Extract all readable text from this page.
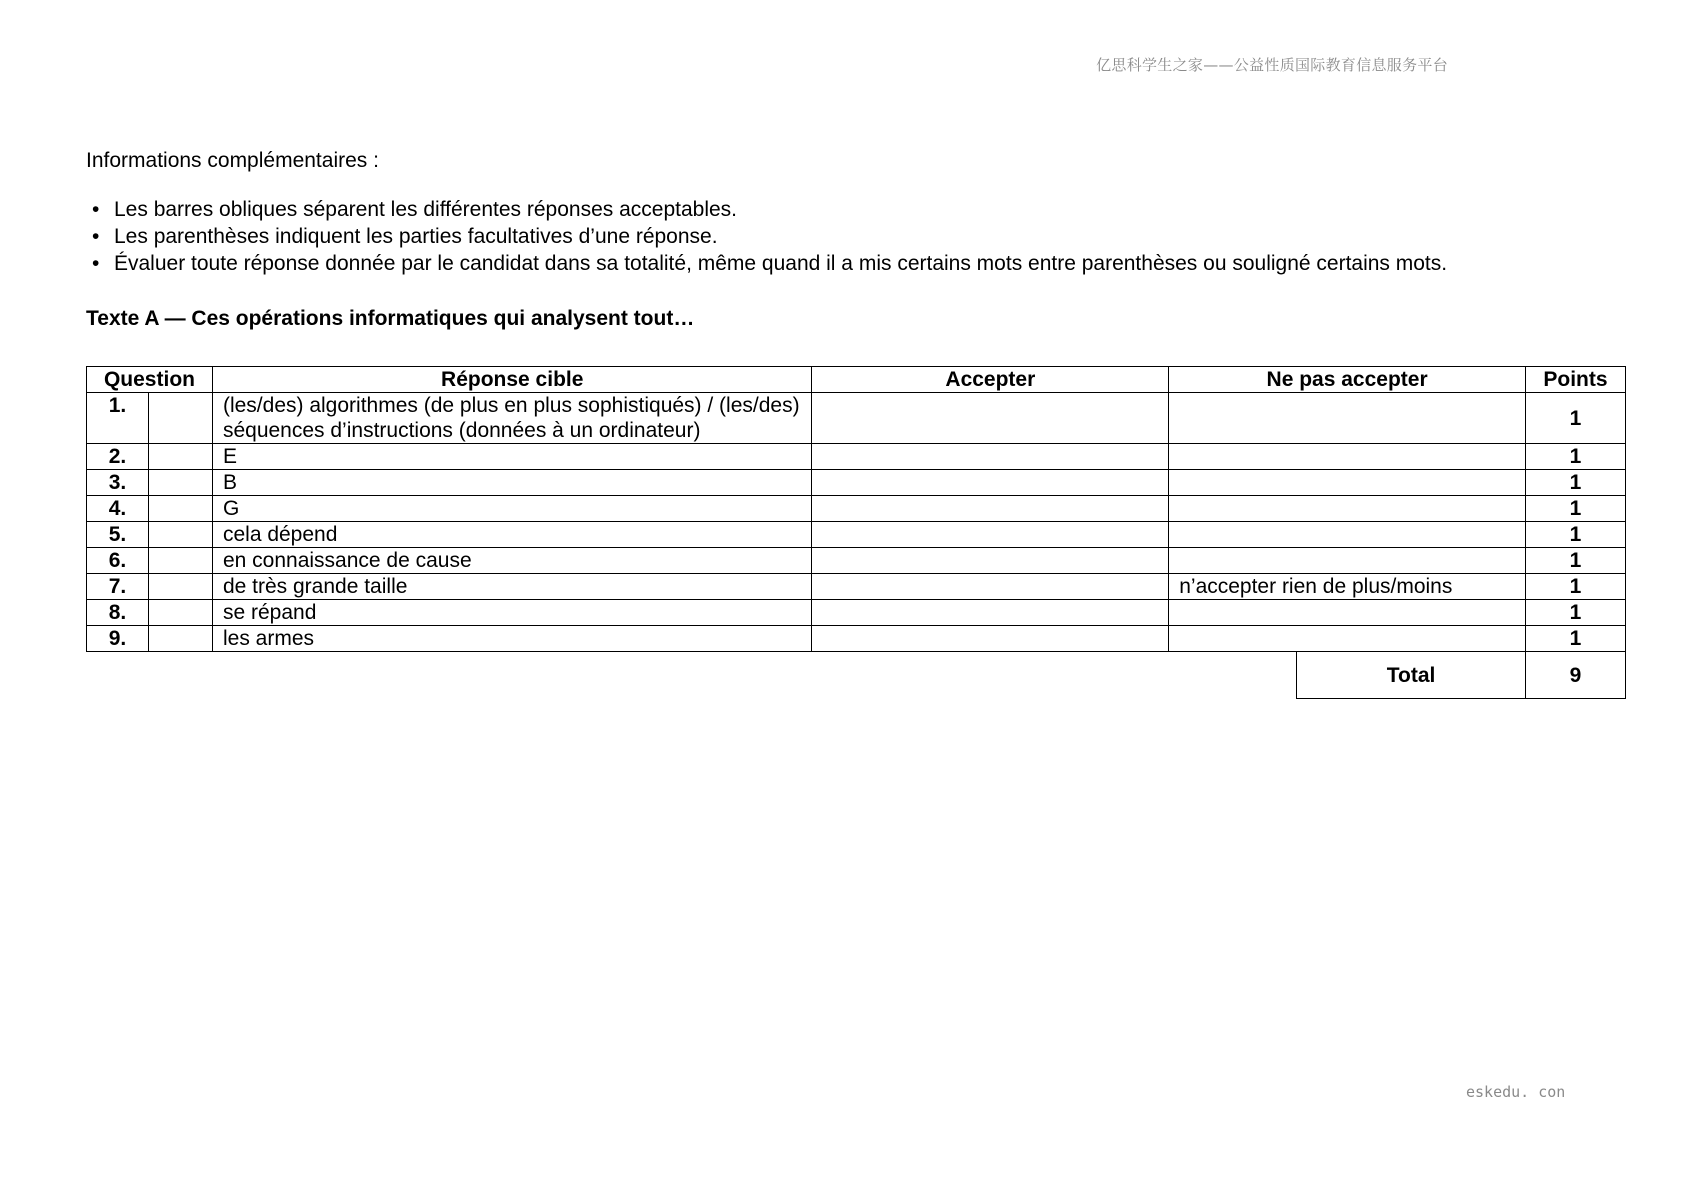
亿思科学生之家——公益性质国际教育信息服务平台

Informations complémentaires :

• Les barres obliques séparent les différentes réponses acceptables.
• Les parenthèses indiquent les parties facultatives d’une réponse.
• Évaluer toute réponse donnée par le candidat dans sa totalité, même quand il a mis certains mots entre parenthèses ou souligné certains mots.

Texte A — Ces opérations informatiques qui analysent tout…

Question		Réponse cible	Accepter	Ne pas accepter		Points
1.		(les/des) algorithmes (de plus en plus sophistiqués) / (les/des) séquences d’instructions (données à un ordinateur)				1
2.		E				1
3.		B				1
4.		G				1
5.		cela dépend				1
6.		en connaissance de cause				1
7.		de très grande taille		n’accepter rien de plus/moins		1
8.		se répand				1
9.		les armes				1
					Total	9
eskedu. con
